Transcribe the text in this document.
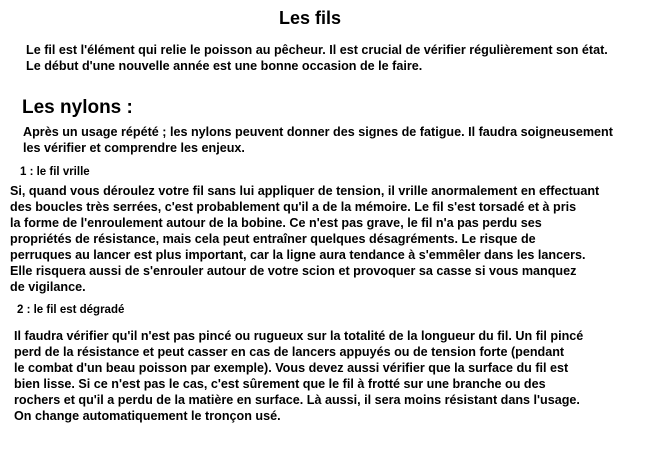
Les fils

Le fil est l'élément qui relie le poisson au pêcheur. Il est crucial de vérifier régulièrement son état.
Le début d'une nouvelle année est une bonne occasion de le faire.

Les nylons :

Après un usage répété ; les nylons peuvent donner des signes de fatigue. Il faudra soigneusement
les vérifier et comprendre les enjeux.

1 : le fil vrille

Si, quand vous déroulez votre fil sans lui appliquer de tension, il vrille anormalement en effectuant
des boucles très serrées, c'est probablement qu'il a de la mémoire. Le fil s'est torsadé et à pris
la forme de l'enroulement autour de la bobine. Ce n'est pas grave, le fil n'a pas perdu ses
propriétés de résistance, mais cela peut entraîner quelques désagréments. Le risque de
perruques au lancer est plus important, car la ligne aura tendance à s'emmêler dans les lancers.
Elle risquera aussi de s'enrouler autour de votre scion et provoquer sa casse si vous manquez
de vigilance.

2 : le fil est dégradé

Il faudra vérifier qu'il n'est pas pincé ou rugueux sur la totalité de la longueur du fil. Un fil pincé
perd de la résistance et peut casser en cas de lancers appuyés ou de tension forte (pendant
le combat d'un beau poisson par exemple). Vous devez aussi vérifier que la surface du fil est
bien lisse. Si ce n'est pas le cas, c'est sûrement que le fil à frotté sur une branche ou des
rochers et qu'il a perdu de la matière en surface. Là aussi, il sera moins résistant dans l'usage.
On change automatiquement le tronçon usé.
